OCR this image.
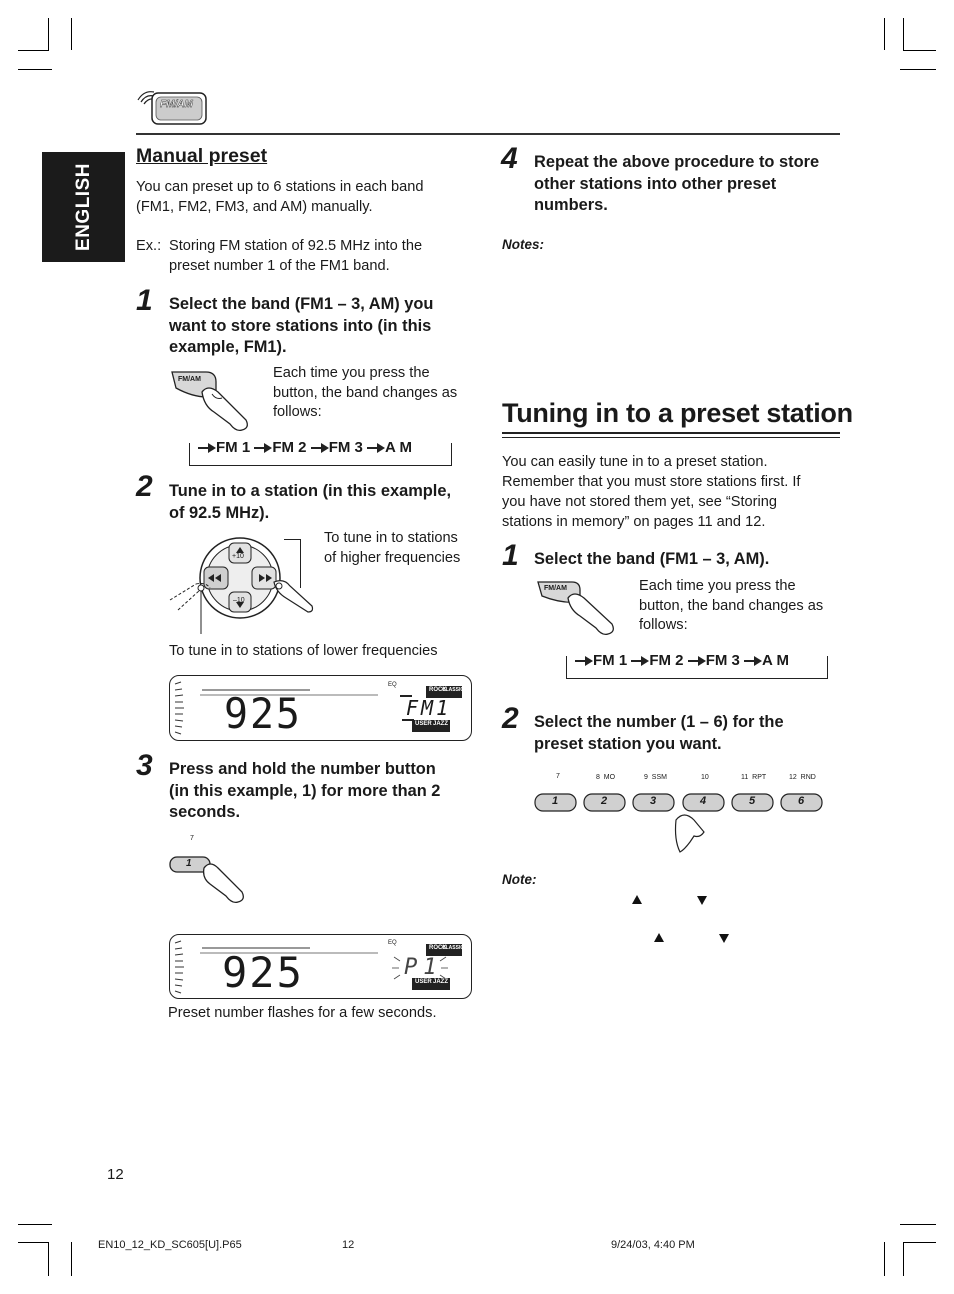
ENGLISH
FM/AM
Manual preset
You can preset up to 6 stations in each band
(FM1, FM2, FM3, and AM) manually.
Ex.: Storing FM station of 92.5 MHz into the
preset number 1 of the FM1 band.
1 Select the band (FM1 – 3, AM) you
want to store stations into (in this
example, FM1).
FM/AM	Each time you press the
button, the band changes as
follows:
FM 1 FM 2 FM 3 A M
2 Tune in to a station (in this example,
of 92.5 MHz).
+10
–10
To tune in to stations
of higher frequencies
To tune in to stations of lower frequencies
925	FM1
EQ
ROCK
CLASSIC
USER JAZZ
3 Press and hold the number button
(in this example, 1) for more than 2
seconds.
7
1
925	P1
EQ
ROCK
CLASSIC
USER JAZZ
Preset number flashes for a few seconds.
4 Repeat the above procedure to store
other stations into other preset
numbers.
Notes:
Tuning in to a preset station
You can easily tune in to a preset station.
Remember that you must store stations first. If
you have not stored them yet, see “Storing
stations in memory” on pages 11 and 12.
1 Select the band (FM1 – 3, AM).
FM/AM	Each time you press the
button, the band changes as
follows:
FM 1 FM 2 FM 3 A M
2 Select the number (1 – 6) for the
preset station you want.
7	8  MO	9  SSM	10	11  RPT	12  RND
1	2	3	4	5	6
Note:
12
EN10_12_KD_SC605[U].P65	12	9/24/03, 4:40 PM
